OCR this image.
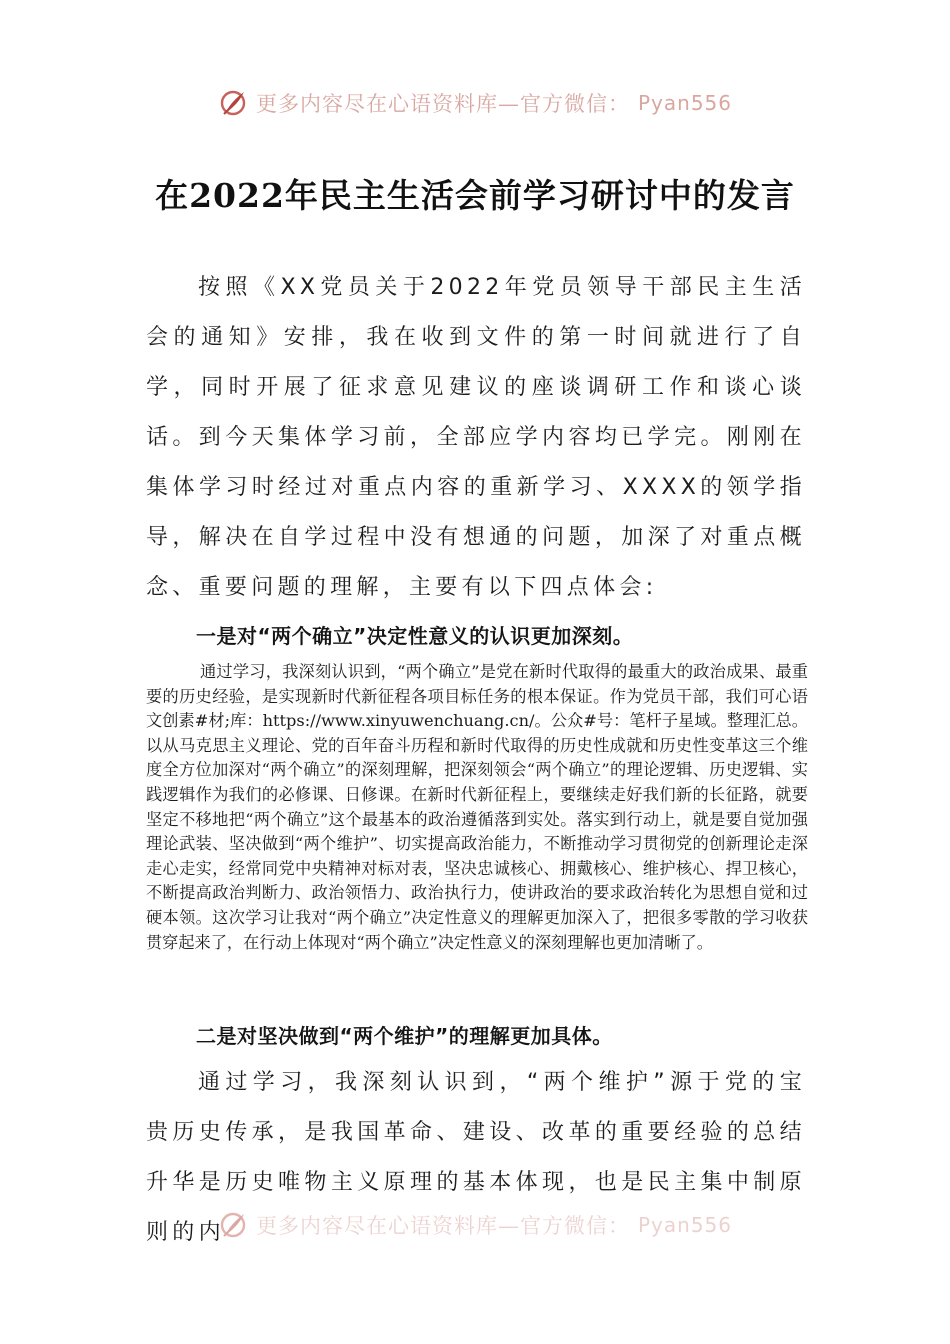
更多内容尽在心语资料库—官方微信： Pyan556
在2022年民主生活会前学习研讨中的发言

按照《XX党员关于2022年党员领导干部民主生活会的通知》安排，我在收到文件的第一时间就进行了自学，同时开展了征求意见建议的座谈调研工作和谈心谈话。到今天集体学习前，全部应学内容均已学完。刚刚在集体学习时经过对重点内容的重新学习、XXXX的领学指导，解决在自学过程中没有想通的问题，加深了对重点概念、重要问题的理解，主要有以下四点体会:

一是对“两个确立”决定性意义的认识更加深刻。

通过学习，我深刻认识到，“两个确立”是党在新时代取得的最重大的政治成果、最重要的历史经验，是实现新时代新征程各项目标任务的根本保证。作为党员干部，我们可心语文创素#材;库：https://www.xinyuwenchuang.cn/。公众#号：笔杆子星域。整理汇总。以从马克思主义理论、党的百年奋斗历程和新时代取得的历史性成就和历史性变革这三个维度全方位加深对“两个确立”的深刻理解，把深刻领会“两个确立”的理论逻辑、历史逻辑、实践逻辑作为我们的必修课、日修课。在新时代新征程上，要继续走好我们新的长征路，就要坚定不移地把“两个确立”这个最基本的政治遵循落到实处。落实到行动上，就是要自觉加强理论武装、坚决做到“两个维护”、切实提高政治能力，不断推动学习贯彻党的创新理论走深走心走实，经常同党中央精神对标对表，坚决忠诚核心、拥戴核心、维护核心、捍卫核心，不断提高政治判断力、政治领悟力、政治执行力，使讲政治的要求政治转化为思想自觉和过硬本领。这次学习让我对“两个确立”决定性意义的理解更加深入了，把很多零散的学习收获贯穿起来了，在行动上体现对“两个确立”决定性意义的深刻理解也更加清晰了。

二是对坚决做到“两个维护”的理解更加具体。

通过学习，我深刻认识到，“两个维护”源于党的宝贵历史传承，是我国革命、建设、改革的重要经验的总结升华是历史唯物主义原理的基本体现，也是民主集中制原则的内	更多内容尽在心语资料库—官方微信： Pyan556
